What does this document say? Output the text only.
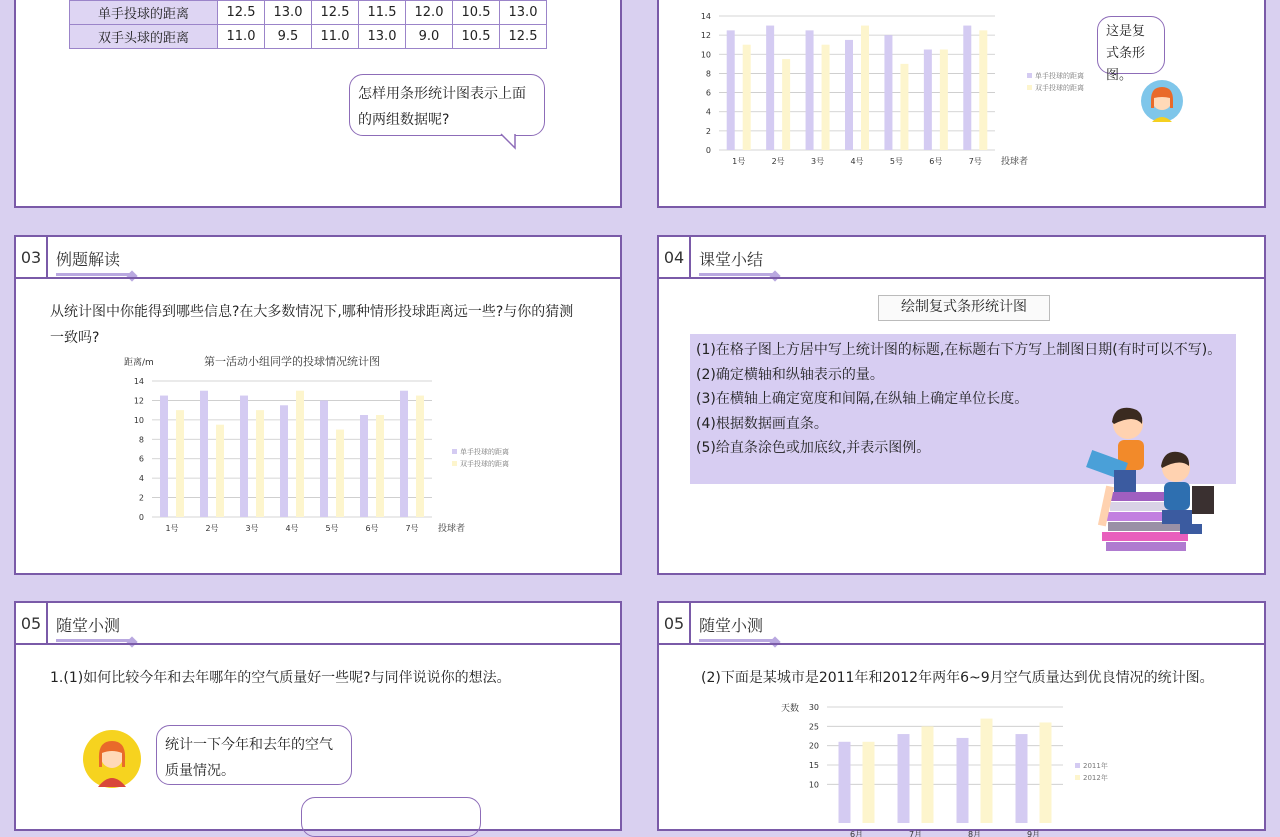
单手投球的距离	12.5	13.0	12.5	11.5	12.0	10.5	13.0
双手头球的距离	11.0	9.5	11.0	13.0	9.0	10.5	12.5
怎样用条形统计图表示上面的两组数据呢?
0
2
4
6
8
10
12
14
1号	2号	3号	4号	5号	6号	7号 投球者
单手投球的距离
双手投球的距离
这是复式条形图。
03 例题解读
从统计图中你能得到哪些信息?在大多数情况下,哪种情形投球距离远一些?与你的猜测一致吗?
第一活动小组同学的投球情况统计图
距离/m
0
2
4
6
8
10
12
14
1号	2号	3号	4号	5号	6号	7号 投球者
单手投球的距离
双手投球的距离
04 课堂小结
绘制复式条形统计图
(1)在格子图上方居中写上统计图的标题,在标题右下方写上制图日期(有时可以不写)。
(2)确定横轴和纵轴表示的量。
(3)在横轴上确定宽度和间隔,在纵轴上确定单位长度。
(4)根据数据画直条。
(5)给直条涂色或加底纹,并表示图例。
05 随堂小测
1.(1)如何比较今年和去年哪年的空气质量好一些呢?与同伴说说你的想法。
统计一下今年和去年的空气质量情况。
05 随堂小测
(2)下面是某城市是2011年和2012年两年6~9月空气质量达到优良情况的统计图。
天数
10
15
20
25
30
6月	7月	8月	9月
2011年
2012年
